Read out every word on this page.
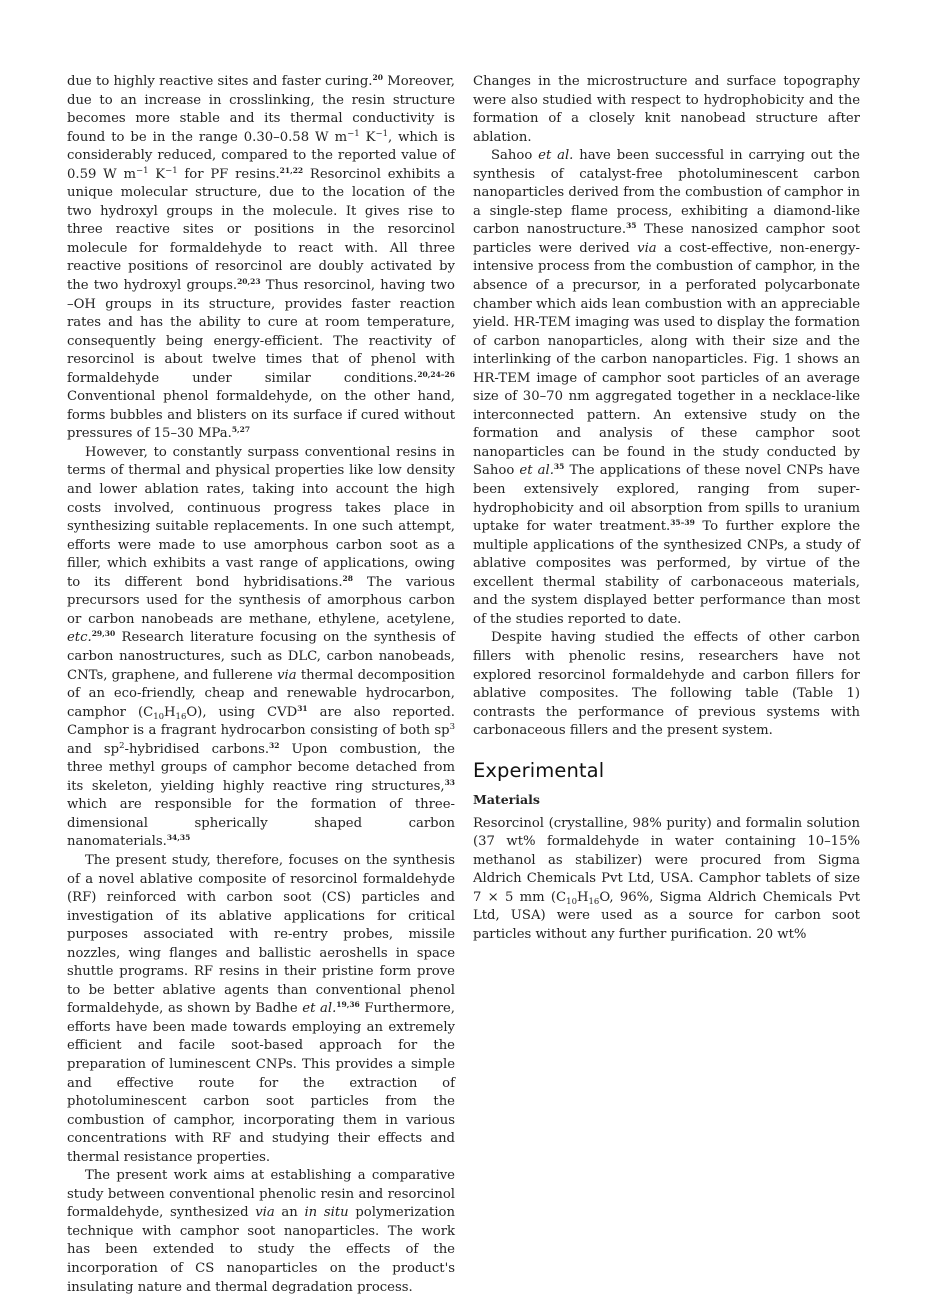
due to highly reactive sites and faster curing.$^{20}$ Moreover, due to an increase in crosslinking, the resin structure becomes more stable and its thermal conductivity is found to be in the range 0.30–0.58 W $m^{-1}$ $K^{-1}$, which is considerably reduced, compared to the reported value of 0.59 W $m^{-1}$ $K^{-1}$ for PF resins.$^{21,22}$ Resorcinol exhibits a unique molecular structure, due to the location of the two hydroxyl groups in the molecule. It gives rise to three reactive sites or positions in the resorcinol molecule for formaldehyde to react with. All three reactive positions of resorcinol are doubly activated by the two hydroxyl groups.$^{20,23}$ Thus resorcinol, having two –OH groups in its structure, provides faster reaction rates and has the ability to cure at room temperature, consequently being energy-efficient. The reactivity of resorcinol is about twelve times that of phenol with formaldehyde under similar conditions.$^{20,24-26}$ Conventional phenol formaldehyde, on the other hand, forms bubbles and blisters on its surface if cured without pressures of 15–30 MPa.$^{5,27}$

However, to constantly surpass conventional resins in terms of thermal and physical properties like low density and lower ablation rates, taking into account the high costs involved, continuous progress takes place in synthesizing suitable replacements. In one such attempt, efforts were made to use amorphous carbon soot as a filler, which exhibits a vast range of applications, owing to its different bond hybridisations.$^{28}$ The various precursors used for the synthesis of amorphous carbon or carbon nanobeads are methane, ethylene, acetylene, etc.$^{29,30}$ Research literature focusing on the synthesis of carbon nanostructures, such as DLC, carbon nanobeads, CNTs, graphene, and fullerene via thermal decomposition of an eco-friendly, cheap and renewable hydrocarbon, camphor $(C_{10}H_{16}O)$, using CVD$^{31}$ are also reported. Camphor is a fragrant hydrocarbon consisting of both $sp^3$ and $sp^2$-hybridised carbons.$^{32}$ Upon combustion, the three methyl groups of camphor become detached from its skeleton, yielding highly reactive ring structures,$^{33}$ which are responsible for the formation of three-dimensional spherically shaped carbon nanomaterials.$^{34,35}$

The present study, therefore, focuses on the synthesis of a novel ablative composite of resorcinol formaldehyde (RF) reinforced with carbon soot (CS) particles and investigation of its ablative applications for critical purposes associated with re-entry probes, missile nozzles, wing flanges and ballistic aeroshells in space shuttle programs. RF resins in their pristine form prove to be better ablative agents than conventional phenol formaldehyde, as shown by Badhe et al.$^{19,36}$ Furthermore, efforts have been made towards employing an extremely efficient and facile soot-based approach for the preparation of luminescent CNPs. This provides a simple and effective route for the extraction of photoluminescent carbon soot particles from the combustion of camphor, incorporating them in various concentrations with RF and studying their effects and thermal resistance properties.

The present work aims at establishing a comparative study between conventional phenolic resin and resorcinol formaldehyde, synthesized via an in situ polymerization technique with camphor soot nanoparticles. The work has been extended to study the effects of the incorporation of CS nanoparticles on the product's insulating nature and thermal degradation process.

Changes in the microstructure and surface topography were also studied with respect to hydrophobicity and the formation of a closely knit nanobead structure after ablation.

Sahoo et al. have been successful in carrying out the synthesis of catalyst-free photoluminescent carbon nanoparticles derived from the combustion of camphor in a single-step flame process, exhibiting a diamond-like carbon nanostructure.$^{35}$ These nanosized camphor soot particles were derived via a cost-effective, non-energy-intensive process from the combustion of camphor, in the absence of a precursor, in a perforated polycarbonate chamber which aids lean combustion with an appreciable yield. HR-TEM imaging was used to display the formation of carbon nanoparticles, along with their size and the interlinking of the carbon nanoparticles. Fig. 1 shows an HR-TEM image of camphor soot particles of an average size of 30–70 nm aggregated together in a necklace-like interconnected pattern. An extensive study on the formation and analysis of these camphor soot nanoparticles can be found in the study conducted by Sahoo et al.$^{35}$ The applications of these novel CNPs have been extensively explored, ranging from super-hydrophobicity and oil absorption from spills to uranium uptake for water treatment.$^{35-39}$ To further explore the multiple applications of the synthesized CNPs, a study of ablative composites was performed, by virtue of the excellent thermal stability of carbonaceous materials, and the system displayed better performance than most of the studies reported to date.

Despite having studied the effects of other carbon fillers with phenolic resins, researchers have not explored resorcinol formaldehyde and carbon fillers for ablative composites. The following table (Table 1) contrasts the performance of previous systems with carbonaceous fillers and the present system.

Experimental
Materials

Resorcinol (crystalline, 98% purity) and formalin solution (37 wt% formaldehyde in water containing 10–15% methanol as stabilizer) were procured from Sigma Aldrich Chemicals Pvt Ltd, USA. Camphor tablets of size 7 × 5 mm ($C_{10}H_{16}O$, 96%, Sigma Aldrich Chemicals Pvt Ltd, USA) were used as a source for carbon soot particles without any further purification. 20 wt%
